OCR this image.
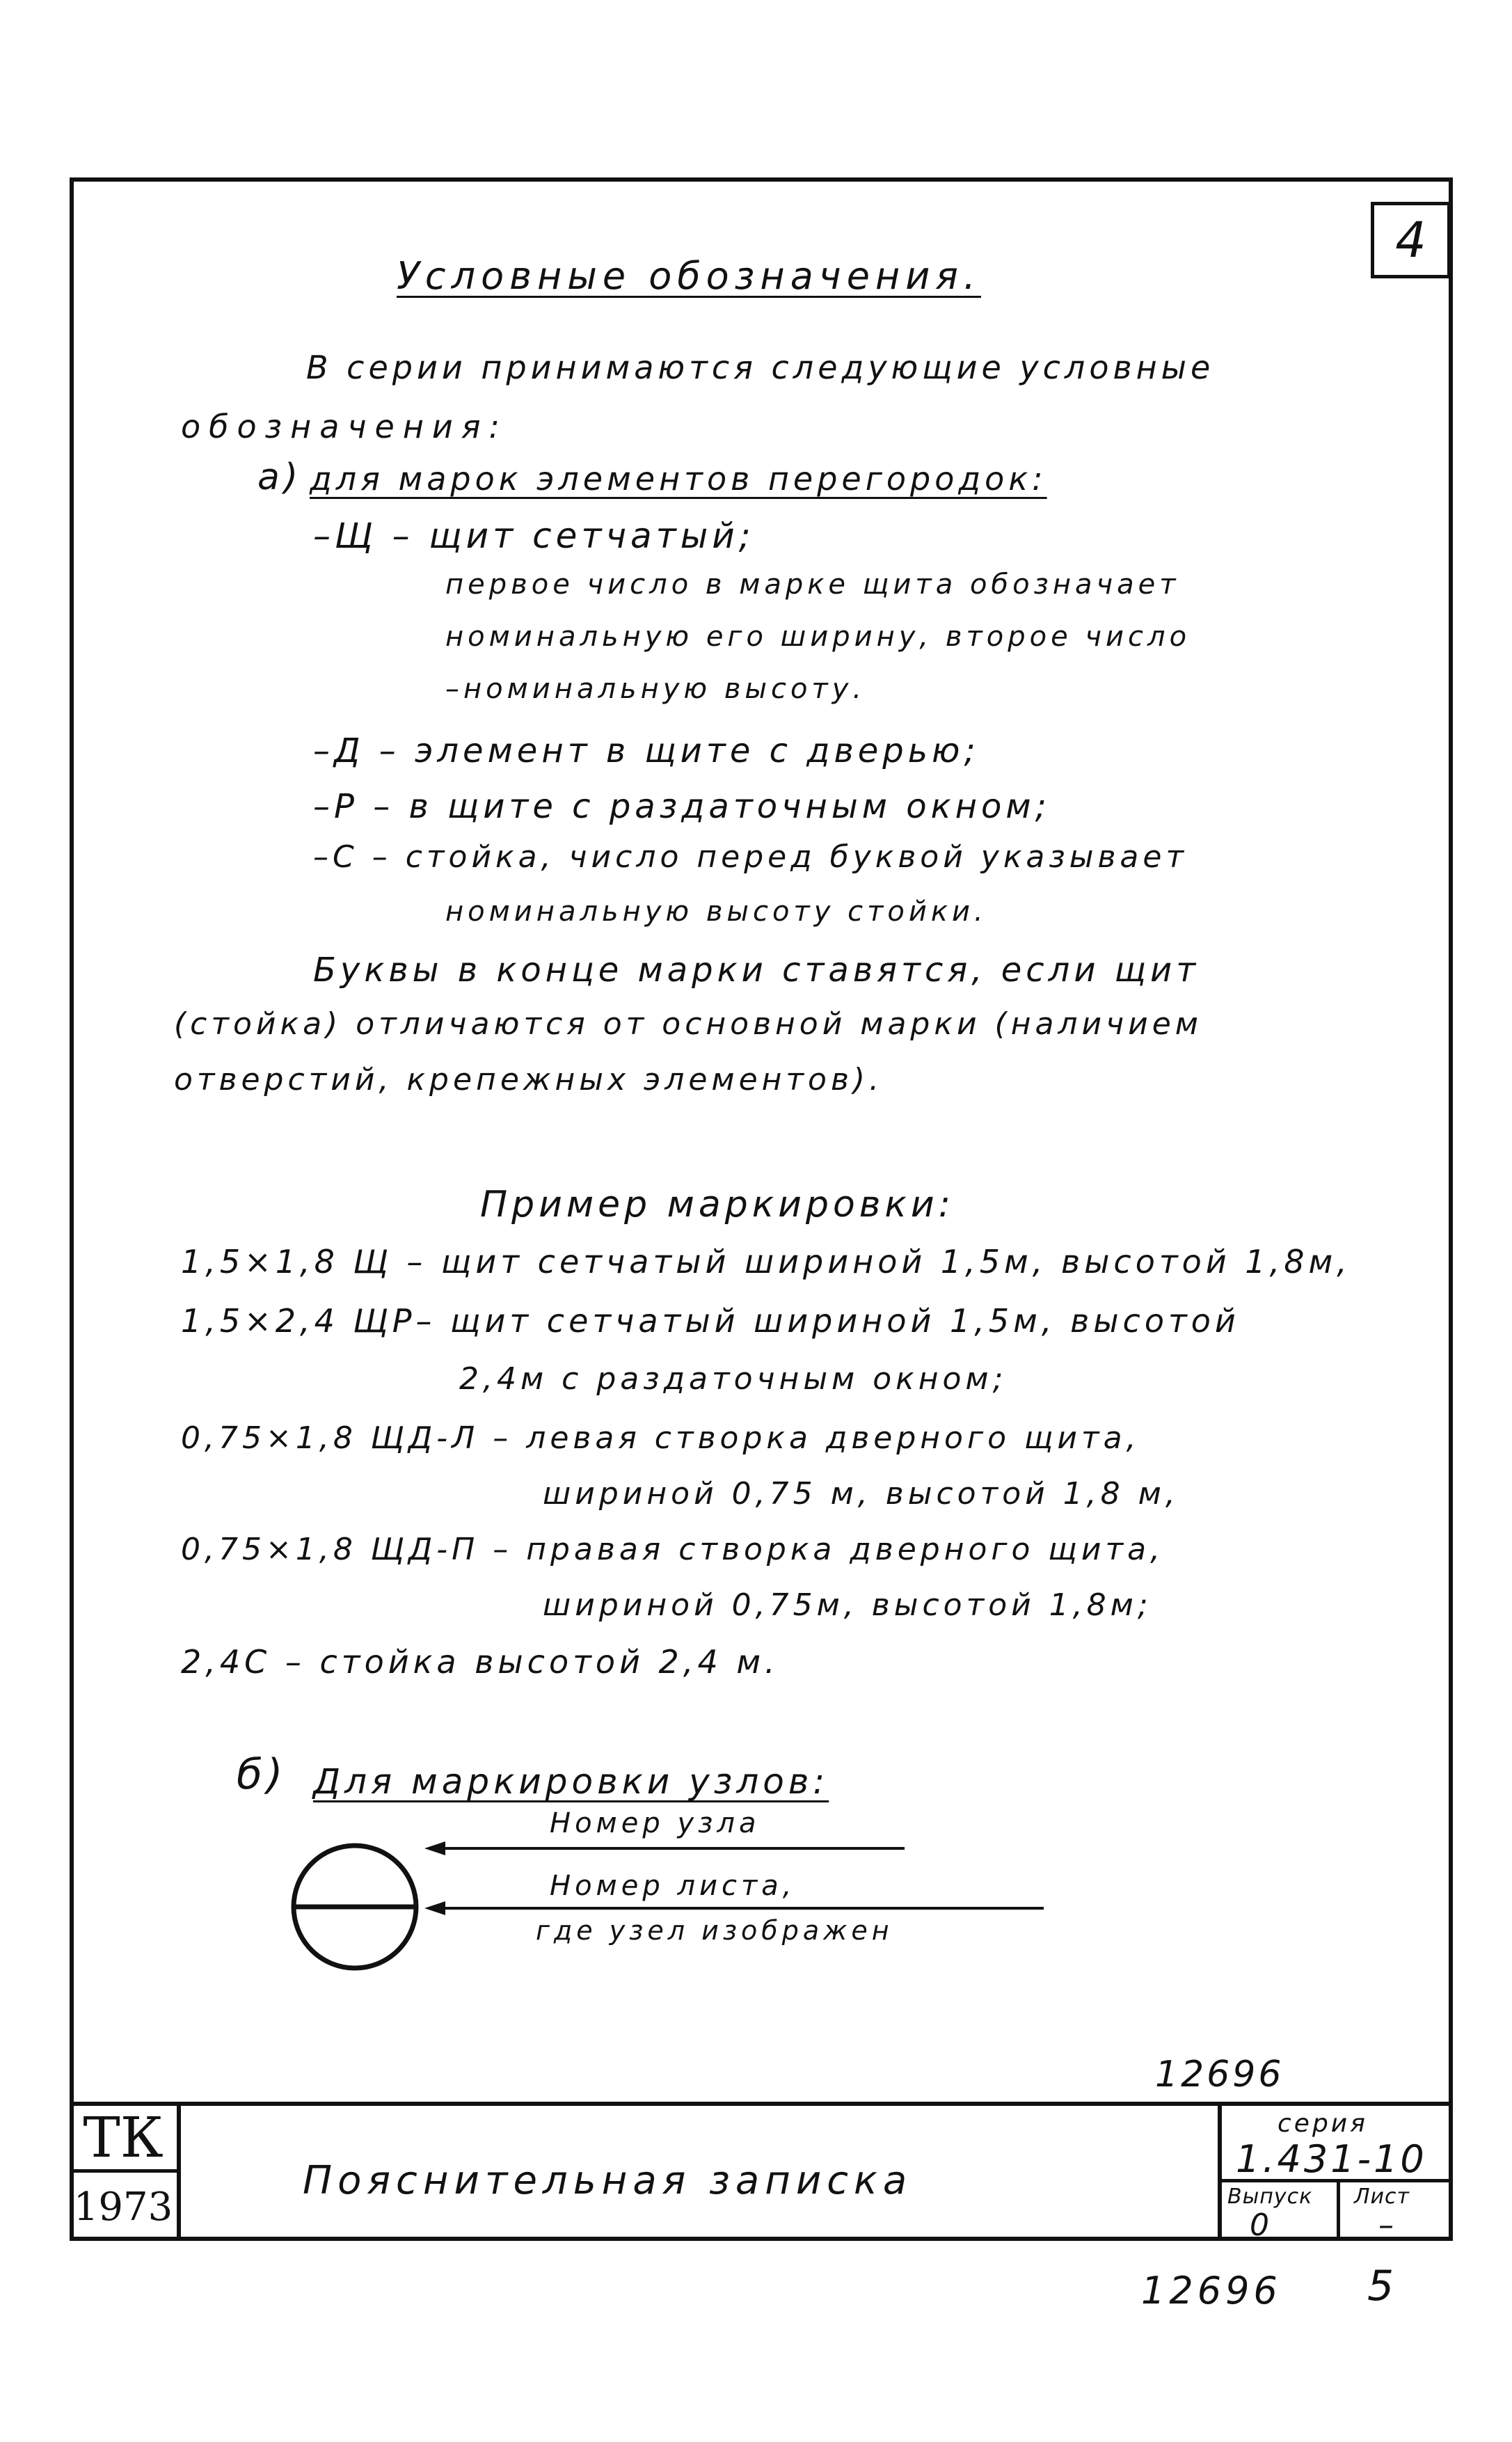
4
Условные обозначения.
В серии принимаются следующие условные
обозначения:
а) для марок элементов перегородок:
–Щ – щит сетчатый;
первое число в марке щита обозначает
номинальную его ширину, второе число
–номинальную высоту.
–Д – элемент в щите с дверью;
–Р – в щите с раздаточным окном;
–С – стойка, число перед буквой указывает
номинальную высоту стойки.
Буквы в конце марки ставятся, если щит
(стойка) отличаются от основной марки (наличием
отверстий, крепежных элементов).
Пример маркировки:
1,5×1,8 Щ – щит сетчатый шириной 1,5м, высотой 1,8м,
1,5×2,4 ЩР– щит сетчатый шириной 1,5м, высотой
2,4м с раздаточным окном;
0,75×1,8 ЩД-Л – левая створка дверного щита,
шириной 0,75 м, высотой 1,8 м,
0,75×1,8 ЩД-П – правая створка дверного щита,
шириной 0,75м, высотой 1,8м;
2,4С – стойка высотой 2,4 м.
б) Для маркировки узлов:
Номер узла
Номер листа,
где узел изображен
12696
ТК
1973
Пояснительная записка
серия
1.431-10
Выпуск
0
Лист
–
12696 5
